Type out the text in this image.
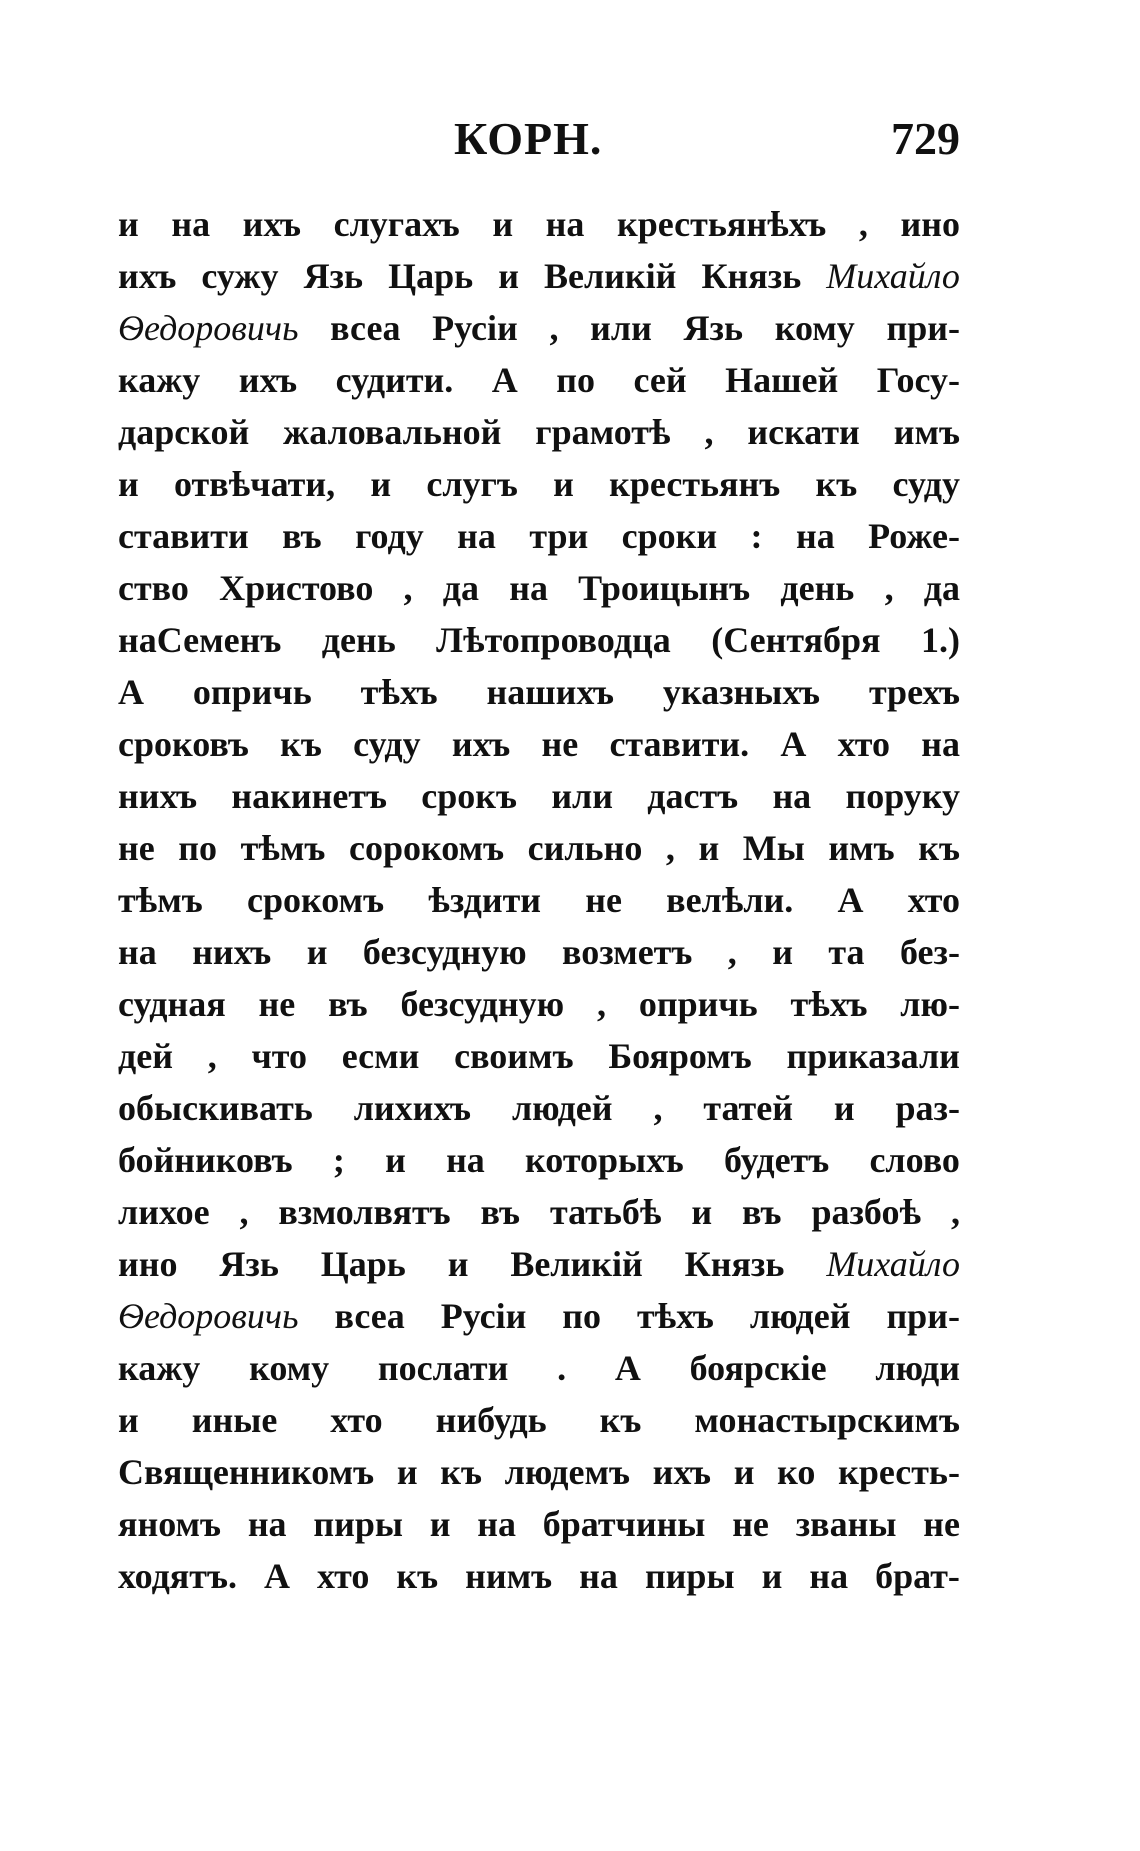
КОРН.	729
и на ихъ слугахъ и на крестьянѣхъ , ино
ихъ сужу Язь Царь и Великій Князь Михайло
Ѳедоровичь всеа Русіи , или Язь кому при-
кажу ихъ судити. А по сей Нашей Госу-
дарской жаловальной грамотѣ , искати имъ
и отвѣчати, и слугъ и крестьянъ къ суду
ставити въ году на три сроки : на Роже-
ство Христово , да на Троицынъ день , да
наСеменъ день Лѣтопроводца (Сентября 1.)
А опричь тѣхъ нашихъ указныхъ трехъ
сроковъ къ суду ихъ не ставити. А хто на
нихъ накинетъ срокъ или дастъ на поруку
не по тѣмъ сорокомъ сильно , и Мы имъ къ
тѣмъ срокомъ ѣздити не велѣли. А хто
на нихъ и безсудную возметъ , и та без-
судная не въ безсудную , опричь тѣхъ лю-
дей , что есми своимъ Бояромъ приказали
обыскивать лихихъ людей , татей и раз-
бойниковъ ; и на которыхъ будетъ слово
лихое , взмолвятъ въ татьбѣ и въ разбоѣ ,
ино Язь Царь и Великій Князь Михайло
Ѳедоровичь всеа Русіи по тѣхъ людей при-
кажу кому послати . А боярскіе люди
и иные хто нибудь къ монастырскимъ
Священникомъ и къ людемъ ихъ и ко кресть-
яномъ на пиры и на братчины не званы не
ходятъ. А хто къ нимъ на пиры и на брат-
